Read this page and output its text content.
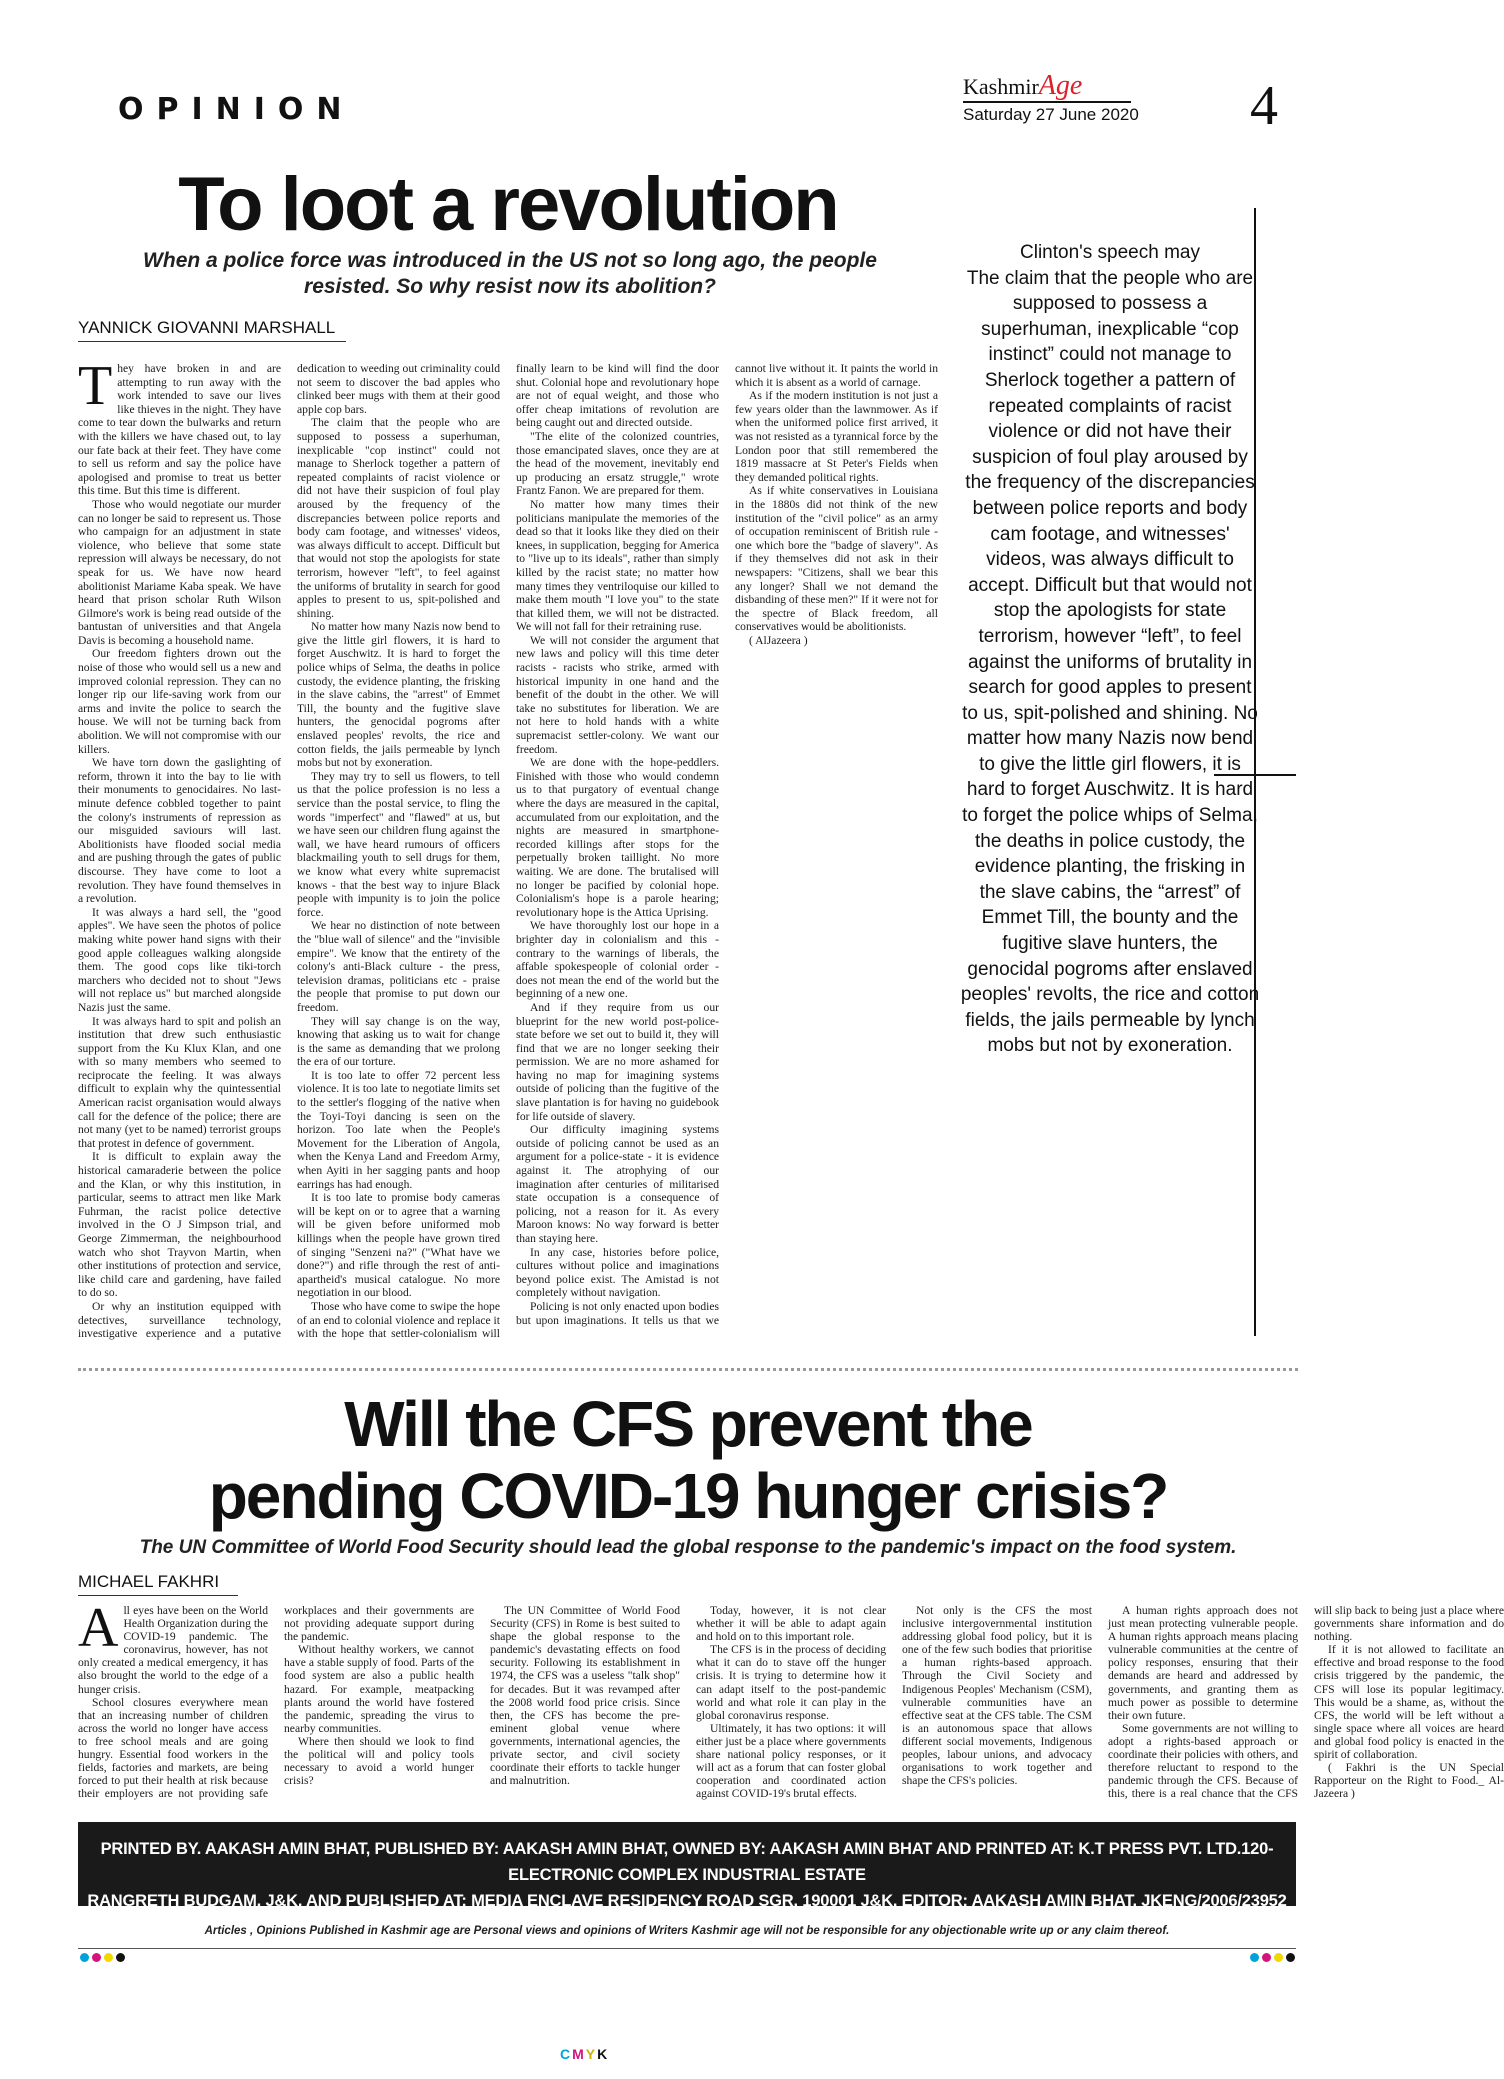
OPINION
KashmirAge
Saturday 27 June 2020	4
To loot a revolution
When a police force was introduced in the US not so long ago, the people resisted. So why resist now its abolition?
YANNICK GIOVANNI MARSHALL

They have broken in and are attempting to run away with the work intended to save our lives like thieves in the night. They have come to tear down the bulwarks and return with the killers we have chased out, to lay our fate back at their feet. They have come to sell us reform and say the police have apologised and promise to treat us better this time. But this time is different.

Those who would negotiate our murder can no longer be said to represent us. Those who campaign for an adjustment in state violence, who believe that some state repression will always be necessary, do not speak for us. We have now heard abolitionist Mariame Kaba speak. We have heard that prison scholar Ruth Wilson Gilmore's work is being read outside of the bantustan of universities and that Angela Davis is becoming a household name.

Our freedom fighters drown out the noise of those who would sell us a new and improved colonial repression. They can no longer rip our life-saving work from our arms and invite the police to search the house. We will not be turning back from abolition. We will not compromise with our killers.

We have torn down the gaslighting of reform, thrown it into the bay to lie with their monuments to genocidaires. No last-minute defence cobbled together to paint the colony's instruments of repression as our misguided saviours will last. Abolitionists have flooded social media and are pushing through the gates of public discourse. They have come to loot a revolution. They have found themselves in a revolution.

It was always a hard sell, the "good apples". We have seen the photos of police making white power hand signs with their good apple colleagues walking alongside them. The good cops like tiki-torch marchers who decided not to shout "Jews will not replace us" but marched alongside Nazis just the same.

It was always hard to spit and polish an institution that drew such enthusiastic support from the Ku Klux Klan, and one with so many members who seemed to reciprocate the feeling. It was always difficult to explain why the quintessential American racist organisation would always call for the defence of the police; there are not many (yet to be named) terrorist groups that protest in defence of government.

It is difficult to explain away the historical camaraderie between the police and the Klan, or why this institution, in particular, seems to attract men like Mark Fuhrman, the racist police detective involved in the O J Simpson trial, and George Zimmerman, the neighbourhood watch who shot Trayvon Martin, when other institutions of protection and service, like child care and gardening, have failed to do so.

Or why an institution equipped with detectives, surveillance technology, investigative experience and a putative dedication to weeding out criminality could not seem to discover the bad apples who clinked beer mugs with them at their good apple cop bars.

The claim that the people who are supposed to possess a superhuman, inexplicable "cop instinct" could not manage to Sherlock together a pattern of repeated complaints of racist violence or did not have their suspicion of foul play aroused by the frequency of the discrepancies between police reports and body cam footage, and witnesses' videos, was always difficult to accept. Difficult but that would not stop the apologists for state terrorism, however "left", to feel against the uniforms of brutality in search for good apples to present to us, spit-polished and shining.

No matter how many Nazis now bend to give the little girl flowers, it is hard to forget Auschwitz. It is hard to forget the police whips of Selma, the deaths in police custody, the evidence planting, the frisking in the slave cabins, the "arrest" of Emmet Till, the bounty and the fugitive slave hunters, the genocidal pogroms after enslaved peoples' revolts, the rice and cotton fields, the jails permeable by lynch mobs but not by exoneration.

They may try to sell us flowers, to tell us that the police profession is no less a service than the postal service, to fling the words "imperfect" and "flawed" at us, but we have seen our children flung against the wall, we have heard rumours of officers blackmailing youth to sell drugs for them, we know what every white supremacist knows - that the best way to injure Black people with impunity is to join the police force.

We hear no distinction of note between the "blue wall of silence" and the "invisible empire". We know that the entirety of the colony's anti-Black culture - the press, television dramas, politicians etc - praise the people that promise to put down our freedom.

They will say change is on the way, knowing that asking us to wait for change is the same as demanding that we prolong the era of our torture.

It is too late to offer 72 percent less violence. It is too late to negotiate limits set to the settler's flogging of the native when the Toyi-Toyi dancing is seen on the horizon. Too late when the People's Movement for the Liberation of Angola, when the Kenya Land and Freedom Army, when Ayiti in her sagging pants and hoop earrings has had enough.

It is too late to promise body cameras will be kept on or to agree that a warning will be given before uniformed mob killings when the people have grown tired of singing "Senzeni na?" ("What have we done?") and rifle through the rest of anti-apartheid's musical catalogue. No more negotiation in our blood.

Those who have come to swipe the hope of an end to colonial violence and replace it with the hope that settler-colonialism will finally learn to be kind will find the door shut. Colonial hope and revolutionary hope are not of equal weight, and those who offer cheap imitations of revolution are being caught out and directed outside.

"The elite of the colonized countries, those emancipated slaves, once they are at the head of the movement, inevitably end up producing an ersatz struggle," wrote Frantz Fanon. We are prepared for them.

No matter how many times their politicians manipulate the memories of the dead so that it looks like they died on their knees, in supplication, begging for America to "live up to its ideals", rather than simply killed by the racist state; no matter how many times they ventriloquise our killed to make them mouth "I love you" to the state that killed them, we will not be distracted. We will not fall for their retraining ruse.

We will not consider the argument that new laws and policy will this time deter racists - racists who strike, armed with historical impunity in one hand and the benefit of the doubt in the other. We will take no substitutes for liberation. We are not here to hold hands with a white supremacist settler-colony. We want our freedom.

We are done with the hope-peddlers. Finished with those who would condemn us to that purgatory of eventual change where the days are measured in the capital, accumulated from our exploitation, and the nights are measured in smartphone-recorded killings after stops for the perpetually broken taillight. No more waiting. We are done. The brutalised will no longer be pacified by colonial hope. Colonialism's hope is a parole hearing; revolutionary hope is the Attica Uprising.

We have thoroughly lost our hope in a brighter day in colonialism and this - contrary to the warnings of liberals, the affable spokespeople of colonial order - does not mean the end of the world but the beginning of a new one.

And if they require from us our blueprint for the new world post-police-state before we set out to build it, they will find that we are no longer seeking their permission. We are no more ashamed for having no map for imagining systems outside of policing than the fugitive of the slave plantation is for having no guidebook for life outside of slavery.

Our difficulty imagining systems outside of policing cannot be used as an argument for a police-state - it is evidence against it. The atrophying of our imagination after centuries of militarised state occupation is a consequence of policing, not a reason for it. As every Maroon knows: No way forward is better than staying here.

In any case, histories before police, cultures without police and imaginations beyond police exist. The Amistad is not completely without navigation.

Policing is not only enacted upon bodies but upon imaginations. It tells us that we cannot live without it. It paints the world in which it is absent as a world of carnage.

As if the modern institution is not just a few years older than the lawnmower. As if when the uniformed police first arrived, it was not resisted as a tyrannical force by the London poor that still remembered the 1819 massacre at St Peter's Fields when they demanded political rights.

As if white conservatives in Louisiana in the 1880s did not think of the new institution of the "civil police" as an army of occupation reminiscent of British rule - one which bore the "badge of slavery". As if they themselves did not ask in their newspapers: "Citizens, shall we bear this any longer? Shall we not demand the disbanding of these men?" If it were not for the spectre of Black freedom, all conservatives would be abolitionists.

( AlJazeera )

Clinton's speech may
The claim that the people who are supposed to possess a superhuman, inexplicable “cop instinct” could not manage to Sherlock together a pattern of repeated complaints of racist violence or did not have their suspicion of foul play aroused by the frequency of the discrepancies between police reports and body cam footage, and witnesses' videos, was always difficult to accept. Difficult but that would not stop the apologists for state terrorism, however “left”, to feel against the uniforms of brutality in search for good apples to present to us, spit-polished and shining. No matter how many Nazis now bend to give the little girl flowers, it is hard to forget Auschwitz. It is hard to forget the police whips of Selma, the deaths in police custody, the evidence planting, the frisking in the slave cabins, the “arrest” of Emmet Till, the bounty and the fugitive slave hunters, the genocidal pogroms after enslaved peoples' revolts, the rice and cotton fields, the jails permeable by lynch mobs but not by exoneration.
Will the CFS prevent the
pending COVID-19 hunger crisis?
The UN Committee of World Food Security should lead the global response to the pandemic's impact on the food system.
MICHAEL FAKHRI

All eyes have been on the World Health Organization during the COVID-19 pandemic. The coronavirus, however, has not only created a medical emergency, it has also brought the world to the edge of a hunger crisis.

School closures everywhere mean that an increasing number of children across the world no longer have access to free school meals and are going hungry. Essential food workers in the fields, factories and markets, are being forced to put their health at risk because their employers are not providing safe workplaces and their governments are not providing adequate support during the pandemic.

Without healthy workers, we cannot have a stable supply of food. Parts of the food system are also a public health hazard. For example, meatpacking plants around the world have fostered the pandemic, spreading the virus to nearby communities.

Where then should we look to find the political will and policy tools necessary to avoid a world hunger crisis?

The UN Committee of World Food Security (CFS) in Rome is best suited to shape the global response to the pandemic's devastating effects on food security. Following its establishment in 1974, the CFS was a useless "talk shop" for decades. But it was revamped after the 2008 world food price crisis. Since then, the CFS has become the pre-eminent global venue where governments, international agencies, the private sector, and civil society coordinate their efforts to tackle hunger and malnutrition.

Today, however, it is not clear whether it will be able to adapt again and hold on to this important role.

The CFS is in the process of deciding what it can do to stave off the hunger crisis. It is trying to determine how it can adapt itself to the post-pandemic world and what role it can play in the global coronavirus response.

Ultimately, it has two options: it will either just be a place where governments share national policy responses, or it will act as a forum that can foster global cooperation and coordinated action against COVID-19's brutal effects.

Not only is the CFS the most inclusive intergovernmental institution addressing global food policy, but it is one of the few such bodies that prioritise a human rights-based approach. Through the Civil Society and Indigenous Peoples' Mechanism (CSM), vulnerable communities have an effective seat at the CFS table. The CSM is an autonomous space that allows different social movements, Indigenous peoples, labour unions, and advocacy organisations to work together and shape the CFS's policies.

A human rights approach does not just mean protecting vulnerable people. A human rights approach means placing vulnerable communities at the centre of policy responses, ensuring that their demands are heard and addressed by governments, and granting them as much power as possible to determine their own future.

Some governments are not willing to adopt a rights-based approach or coordinate their policies with others, and therefore reluctant to respond to the pandemic through the CFS. Because of this, there is a real chance that the CFS will slip back to being just a place where governments share information and do nothing.

If it is not allowed to facilitate an effective and broad response to the food crisis triggered by the pandemic, the CFS will lose its popular legitimacy. This would be a shame, as, without the CFS, the world will be left without a single space where all voices are heard and global food policy is enacted in the spirit of collaboration.

( Fakhri is the UN Special Rapporteur on the Right to Food._ Al-Jazeera )

PRINTED BY. AAKASH AMIN BHAT, PUBLISHED BY: AAKASH AMIN BHAT, OWNED BY: AAKASH AMIN BHAT AND PRINTED AT: K.T PRESS PVT. LTD.120- ELECTRONIC COMPLEX INDUSTRIAL ESTATE
RANGRETH BUDGAM, J&K. AND PUBLISHED AT: MEDIA ENCLAVE RESIDENCY ROAD SGR. 190001 J&K. EDITOR: AAKASH AMIN BHAT, JKENG/2006/23952
Articles , Opinions Published in Kashmir age are Personal views and opinions of Writers Kashmir age will not be responsible for any objectionable write up or any claim thereof.
CMYK
